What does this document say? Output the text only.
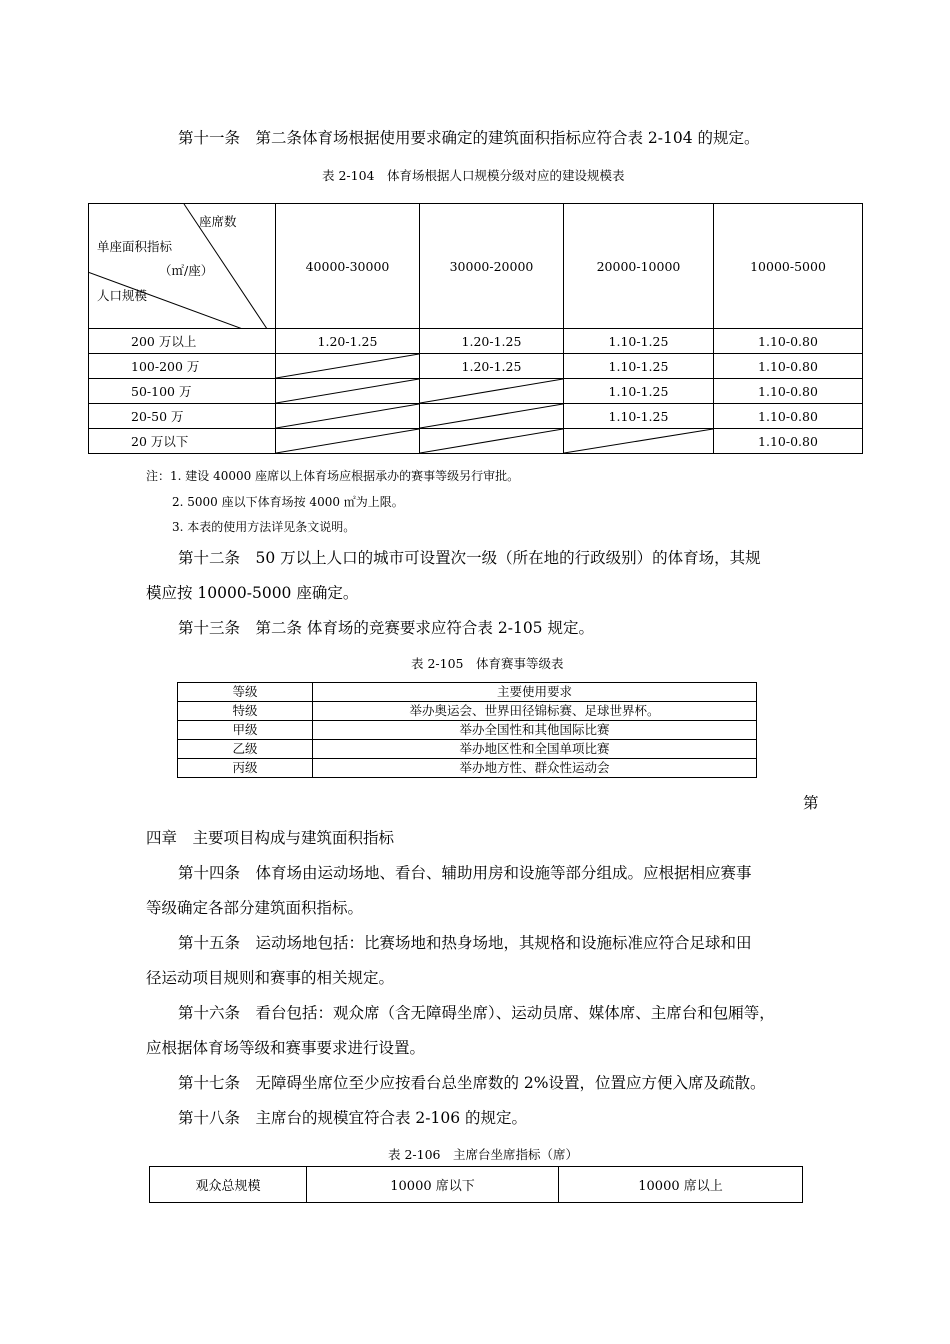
第十一条　第二条体育场根据使用要求确定的建筑面积指标应符合表 2-104 的规定。
表 2-104　体育场根据人口规模分级对应的建设规模表
座席数
单座面积指标
（㎡/座）
人口规模	40000-30000	30000-20000	20000-10000	10000-5000
200 万以上	1.20-1.25	1.20-1.25	1.10-1.25	1.10-0.80
100-200 万		1.20-1.25	1.10-1.25	1.10-0.80
50-100 万			1.10-1.25	1.10-0.80
20-50 万			1.10-1.25	1.10-0.80
20 万以下				1.10-0.80
注：1. 建设 40000 座席以上体育场应根据承办的赛事等级另行审批。
2. 5000 座以下体育场按 4000 ㎡为上限。
3. 本表的使用方法详见条文说明。
第十二条　50 万以上人口的城市可设置次一级（所在地的行政级别）的体育场，其规
模应按 10000-5000 座确定。
第十三条　第二条 体育场的竞赛要求应符合表 2-105 规定。
表 2-105　体育赛事等级表
等级	主要使用要求
特级	举办奥运会、世界田径锦标赛、足球世界杯。
甲级	举办全国性和其他国际比赛
乙级	举办地区性和全国单项比赛
丙级	举办地方性、群众性运动会
第
四章　主要项目构成与建筑面积指标
第十四条　体育场由运动场地、看台、辅助用房和设施等部分组成。应根据相应赛事
等级确定各部分建筑面积指标。
第十五条　运动场地包括：比赛场地和热身场地，其规格和设施标准应符合足球和田
径运动项目规则和赛事的相关规定。
第十六条　看台包括：观众席（含无障碍坐席）、运动员席、媒体席、主席台和包厢等，
应根据体育场等级和赛事要求进行设置。
第十七条　无障碍坐席位至少应按看台总坐席数的 2%设置，位置应方便入席及疏散。
第十八条　主席台的规模宜符合表 2-106 的规定。
表 2-106　主席台坐席指标（席）
观众总规模	10000 席以下	10000 席以上
